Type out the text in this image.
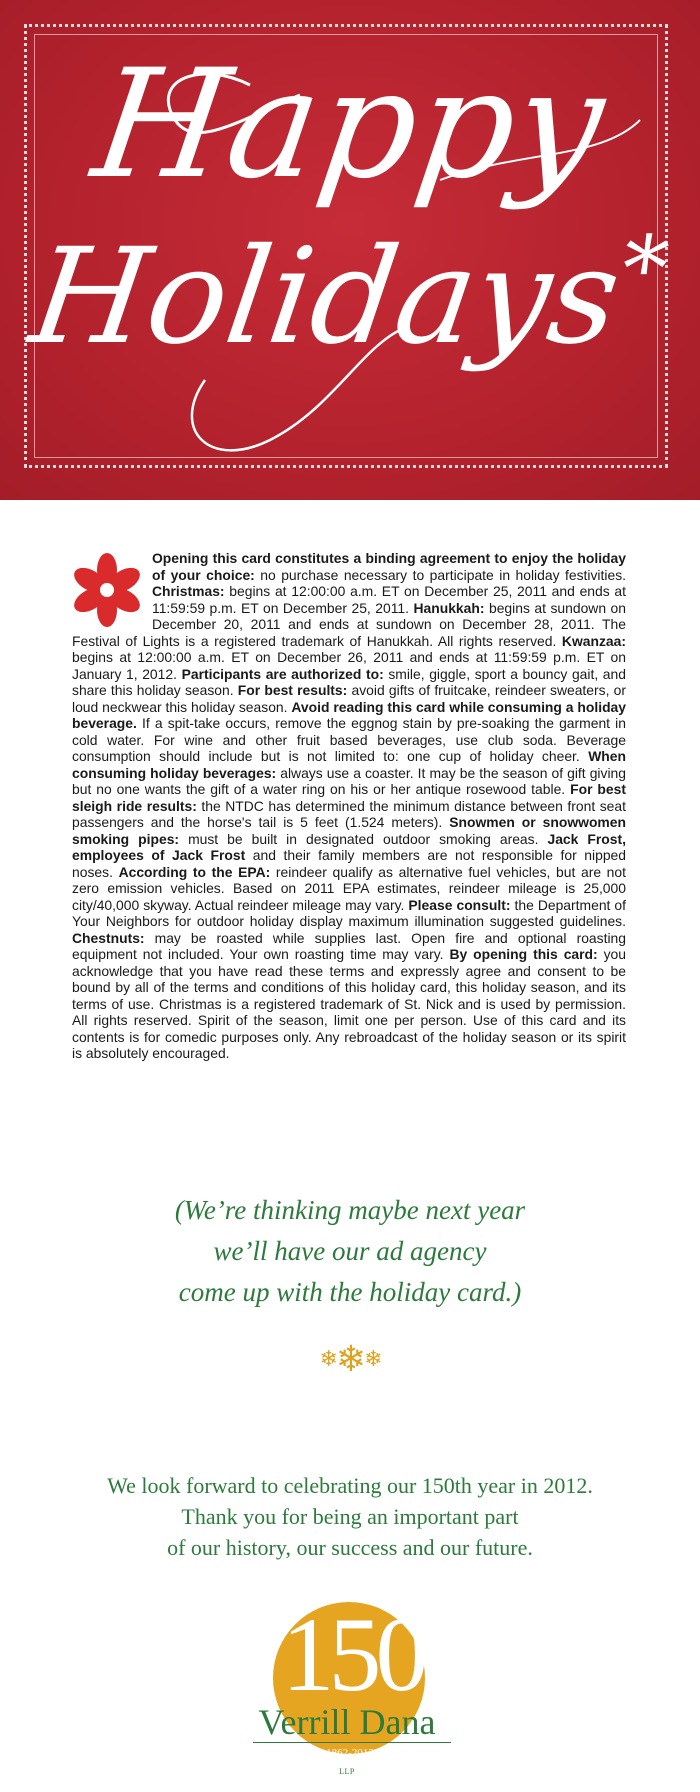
Happy
Holidays*

Opening this card constitutes a binding agreement to enjoy the holiday of your choice: no purchase necessary to participate in holiday festivities. Christmas: begins at 12:00:00 a.m. ET on December 25, 2011 and ends at 11:59:59 p.m. ET on December 25, 2011. Hanukkah: begins at sundown on December 20, 2011 and ends at sundown on December 28, 2011. The Festival of Lights is a registered trademark of Hanukkah. All rights reserved. Kwanzaa: begins at 12:00:00 a.m. ET on December 26, 2011 and ends at 11:59:59 p.m. ET on January 1, 2012. Participants are authorized to: smile, giggle, sport a bouncy gait, and share this holiday season. For best results: avoid gifts of fruitcake, reindeer sweaters, or loud neckwear this holiday season. Avoid reading this card while consuming a holiday beverage. If a spit-take occurs, remove the eggnog stain by pre-soaking the garment in cold water. For wine and other fruit based beverages, use club soda. Beverage consumption should include but is not limited to: one cup of holiday cheer. When consuming holiday beverages: always use a coaster. It may be the season of gift giving but no one wants the gift of a water ring on his or her antique rosewood table. For best sleigh ride results: the NTDC has determined the minimum distance between front seat passengers and the horse's tail is 5 feet (1.524 meters). Snowmen or snowwomen smoking pipes: must be built in designated outdoor smoking areas. Jack Frost, employees of Jack Frost and their family members are not responsible for nipped noses. According to the EPA: reindeer qualify as alternative fuel vehicles, but are not zero emission vehicles. Based on 2011 EPA estimates, reindeer mileage is 25,000 city/40,000 skyway. Actual reindeer mileage may vary. Please consult: the Department of Your Neighbors for outdoor holiday display maximum illumination suggested guidelines. Chestnuts: may be roasted while supplies last. Open fire and optional roasting equipment not included. Your own roasting time may vary. By opening this card: you acknowledge that you have read these terms and expressly agree and consent to be bound by all of the terms and conditions of this holiday card, this holiday season, and its terms of use. Christmas is a registered trademark of St. Nick and is used by permission. All rights reserved. Spirit of the season, limit one per person. Use of this card and its contents is for comedic purposes only. Any rebroadcast of the holiday season or its spirit is absolutely encouraged.

(We’re thinking maybe next year
we’ll have our ad agency
come up with the holiday card.)
❄❄❄
We look forward to celebrating our 150th year in 2012.
Thank you for being an important part
of our history, our success and our future.
150
Verrill Dana LLP
1862-2012
